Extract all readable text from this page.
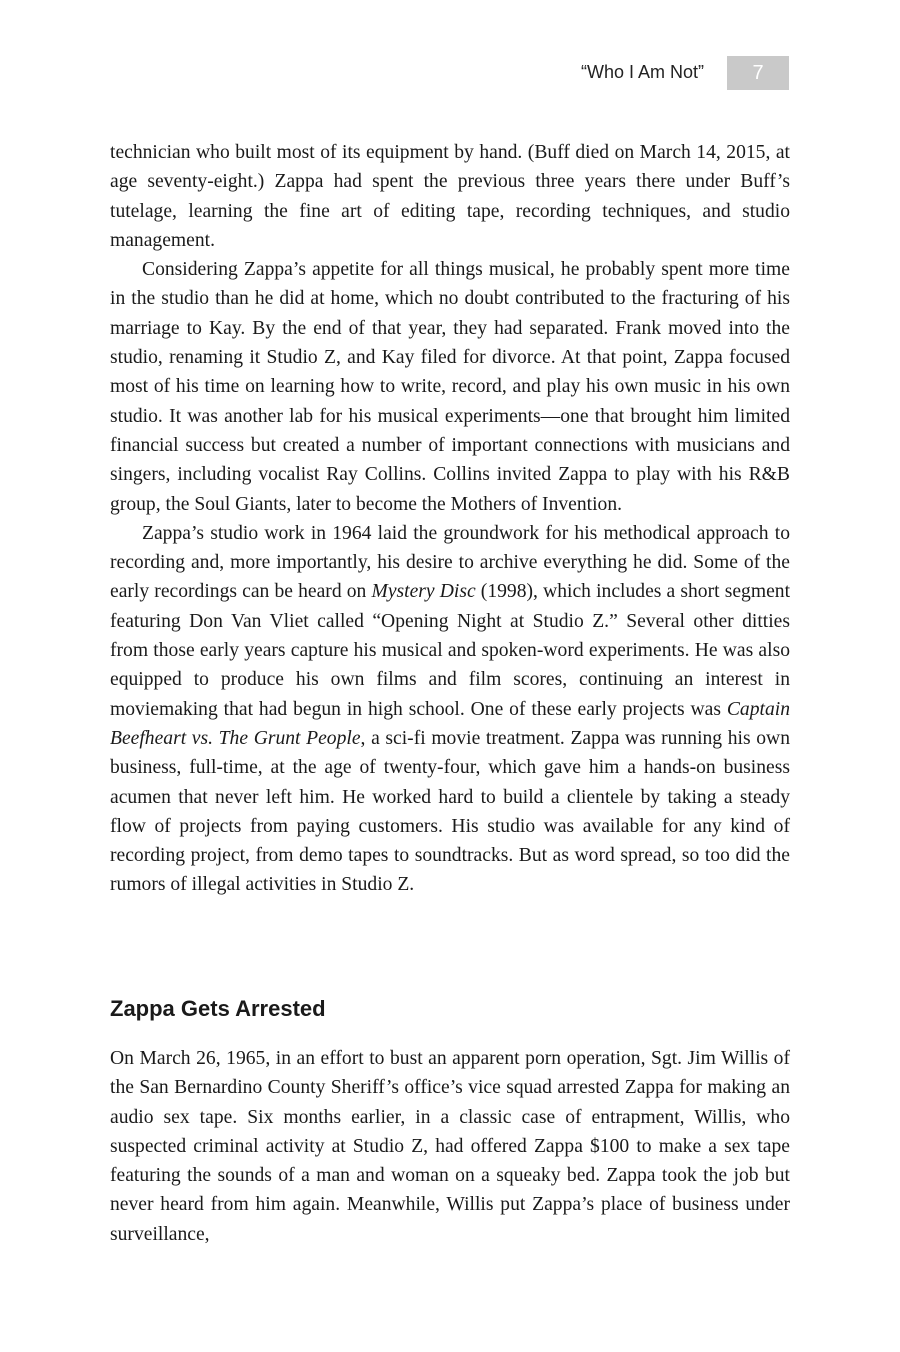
“Who I Am Not”	7

technician who built most of its equipment by hand. (Buff died on March 14, 2015, at age seventy-eight.) Zappa had spent the previous three years there under Buff’s tutelage, learning the fine art of editing tape, recording techniques, and studio management.

Considering Zappa’s appetite for all things musical, he probably spent more time in the studio than he did at home, which no doubt contributed to the fracturing of his marriage to Kay. By the end of that year, they had separated. Frank moved into the studio, renaming it Studio Z, and Kay filed for divorce. At that point, Zappa focused most of his time on learning how to write, record, and play his own music in his own studio. It was another lab for his musical experiments—one that brought him limited financial success but created a number of important connections with musicians and singers, including vocalist Ray Collins. Collins invited Zappa to play with his R&B group, the Soul Giants, later to become the Mothers of Invention.

Zappa’s studio work in 1964 laid the groundwork for his methodical approach to recording and, more importantly, his desire to archive everything he did. Some of the early recordings can be heard on Mystery Disc (1998), which includes a short segment featuring Don Van Vliet called “Opening Night at Studio Z.” Several other ditties from those early years capture his musical and spoken-word experiments. He was also equipped to produce his own films and film scores, continuing an interest in moviemaking that had begun in high school. One of these early projects was Captain Beefheart vs. The Grunt People, a sci-fi movie treatment. Zappa was running his own business, full-time, at the age of twenty-four, which gave him a hands-on business acumen that never left him. He worked hard to build a clientele by taking a steady flow of projects from paying customers. His studio was available for any kind of recording project, from demo tapes to soundtracks. But as word spread, so too did the rumors of illegal activities in Studio Z.

Zappa Gets Arrested

On March 26, 1965, in an effort to bust an apparent porn operation, Sgt. Jim Willis of the San Bernardino County Sheriff’s office’s vice squad arrested Zappa for making an audio sex tape. Six months earlier, in a classic case of entrapment, Willis, who suspected criminal activity at Studio Z, had offered Zappa $100 to make a sex tape featuring the sounds of a man and woman on a squeaky bed. Zappa took the job but never heard from him again. Meanwhile, Willis put Zappa’s place of business under surveillance,
